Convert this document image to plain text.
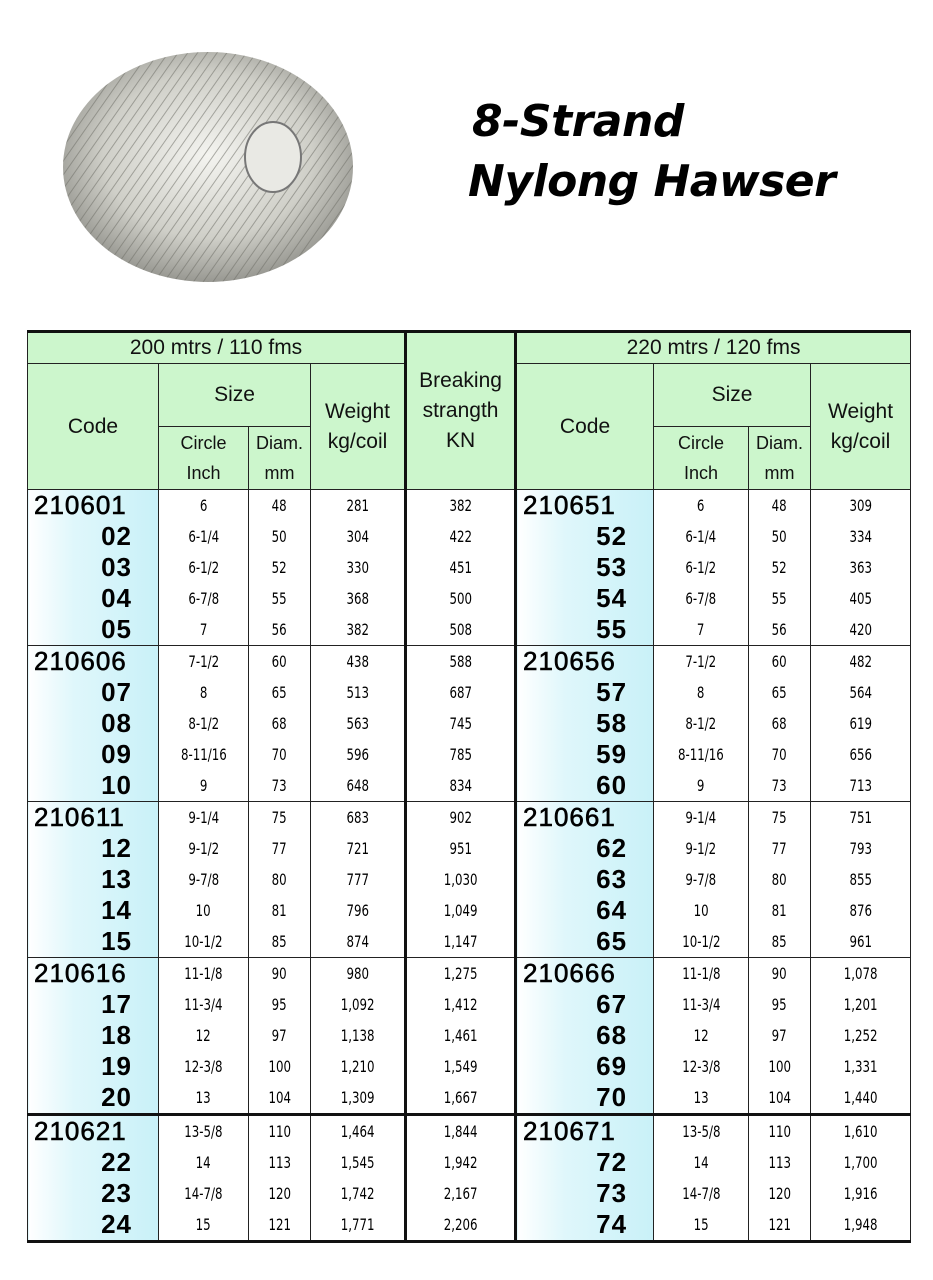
8-Strand
Nylong Hawser
200 mtrs / 110 fms				Breaking
strangth
KN	220 mtrs / 120 fms			
Code	Size		Weight
kg/coil		Code	Size		Weight
kg/coil
	Circle
Inch	Diam.
mm				Circle
Inch	Diam.
mm	
210601	6	48	281	382	210651	6	48	309
02	6-1/4	50	304	422	52	6-1/4	50	334
03	6-1/2	52	330	451	53	6-1/2	52	363
04	6-7/8	55	368	500	54	6-7/8	55	405
05	7	56	382	508	55	7	56	420
210606	7-1/2	60	438	588	210656	7-1/2	60	482
07	8	65	513	687	57	8	65	564
08	8-1/2	68	563	745	58	8-1/2	68	619
09	8-11/16	70	596	785	59	8-11/16	70	656
10	9	73	648	834	60	9	73	713
210611	9-1/4	75	683	902	210661	9-1/4	75	751
12	9-1/2	77	721	951	62	9-1/2	77	793
13	9-7/8	80	777	1,030	63	9-7/8	80	855
14	10	81	796	1,049	64	10	81	876
15	10-1/2	85	874	1,147	65	10-1/2	85	961
210616	11-1/8	90	980	1,275	210666	11-1/8	90	1,078
17	11-3/4	95	1,092	1,412	67	11-3/4	95	1,201
18	12	97	1,138	1,461	68	12	97	1,252
19	12-3/8	100	1,210	1,549	69	12-3/8	100	1,331
20	13	104	1,309	1,667	70	13	104	1,440
210621	13-5/8	110	1,464	1,844	210671	13-5/8	110	1,610
22	14	113	1,545	1,942	72	14	113	1,700
23	14-7/8	120	1,742	2,167	73	14-7/8	120	1,916
24	15	121	1,771	2,206	74	15	121	1,948
